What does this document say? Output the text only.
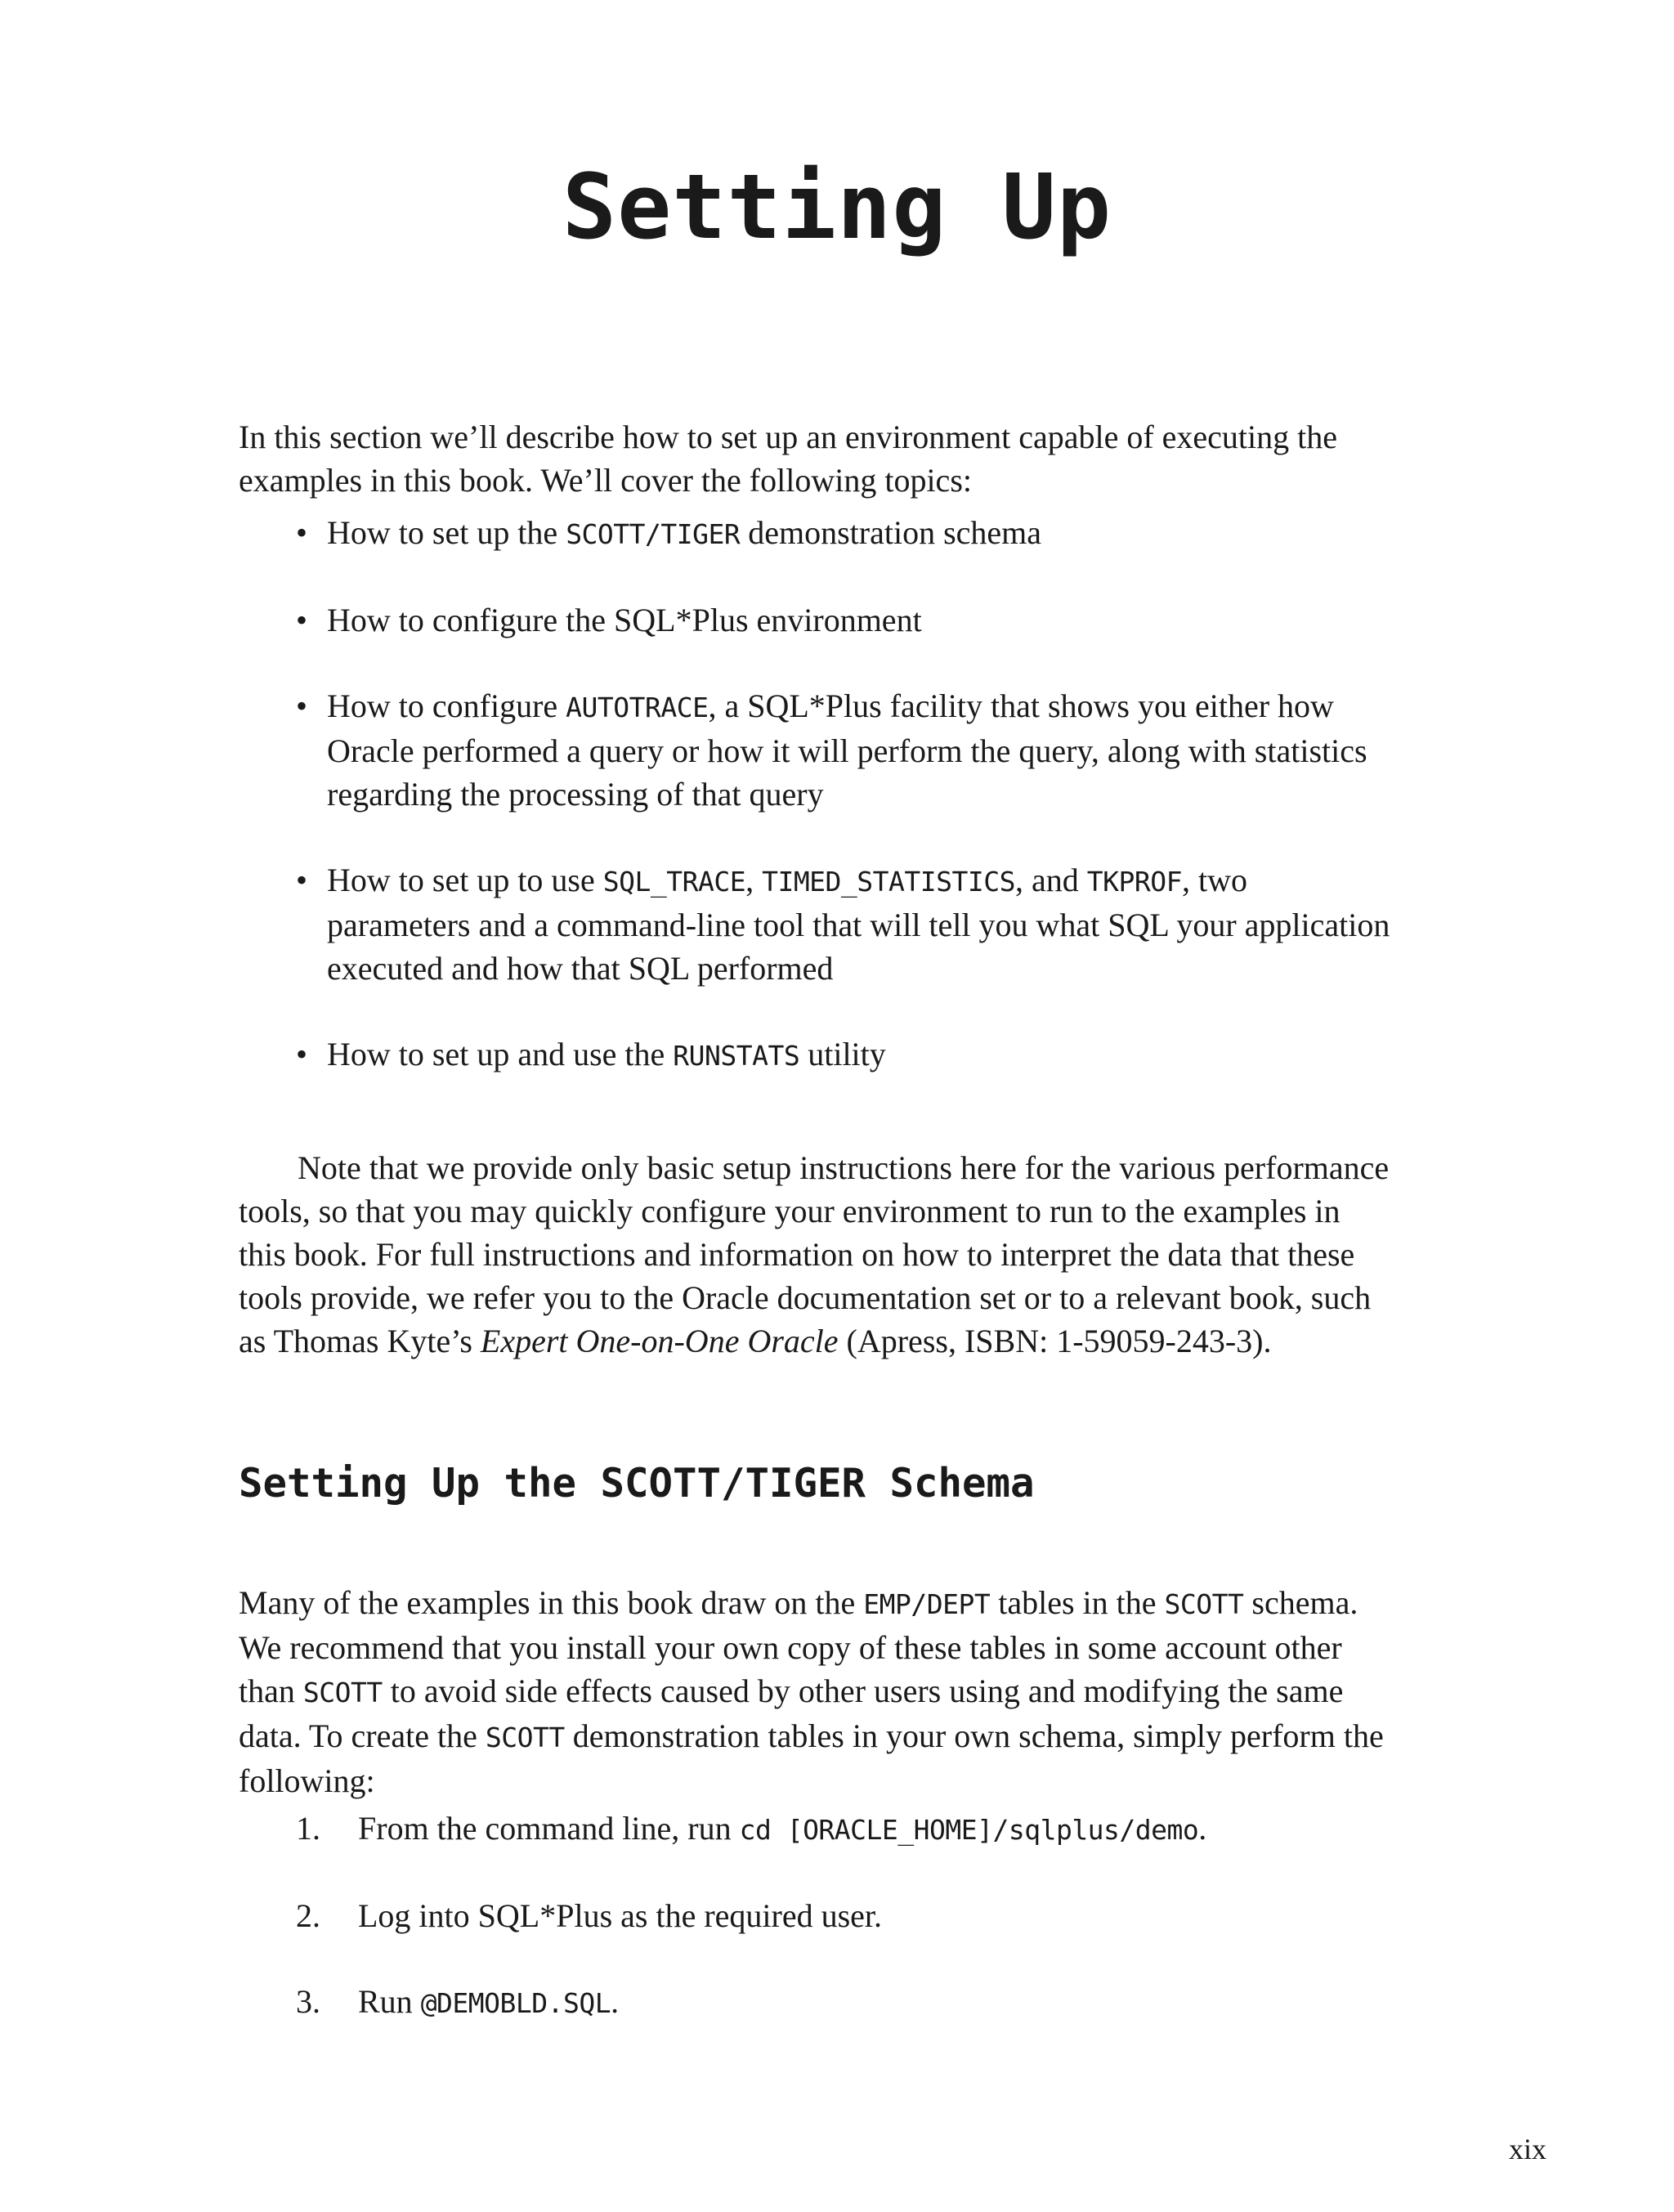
Setting Up

In this section we’ll describe how to set up an environment capable of executing the examples in this book. We’ll cover the following topics:

• How to set up the SCOTT/TIGER demonstration schema
• How to configure the SQL*Plus environment
• How to configure AUTOTRACE, a SQL*Plus facility that shows you either how Oracle performed a query or how it will perform the query, along with statistics regarding the processing of that query
• How to set up to use SQL_TRACE, TIMED_STATISTICS, and TKPROF, two parameters and a command-line tool that will tell you what SQL your application executed and how that SQL performed
• How to set up and use the RUNSTATS utility

Note that we provide only basic setup instructions here for the various performance tools, so that you may quickly configure your environment to run to the examples in this book. For full instructions and information on how to interpret the data that these tools provide, we refer you to the Oracle documentation set or to a relevant book, such as Thomas Kyte’s Expert One-on-One Oracle (Apress, ISBN: 1-59059-243-3).

Setting Up the SCOTT/TIGER Schema

Many of the examples in this book draw on the EMP/DEPT tables in the SCOTT schema. We recommend that you install your own copy of these tables in some account other than SCOTT to avoid side effects caused by other users using and modifying the same data. To create the SCOTT demonstration tables in your own schema, simply perform the following:

1. From the command line, run cd [ORACLE_HOME]/sqlplus/demo.
2. Log into SQL*Plus as the required user.
3. Run @DEMOBLD.SQL.
xix
